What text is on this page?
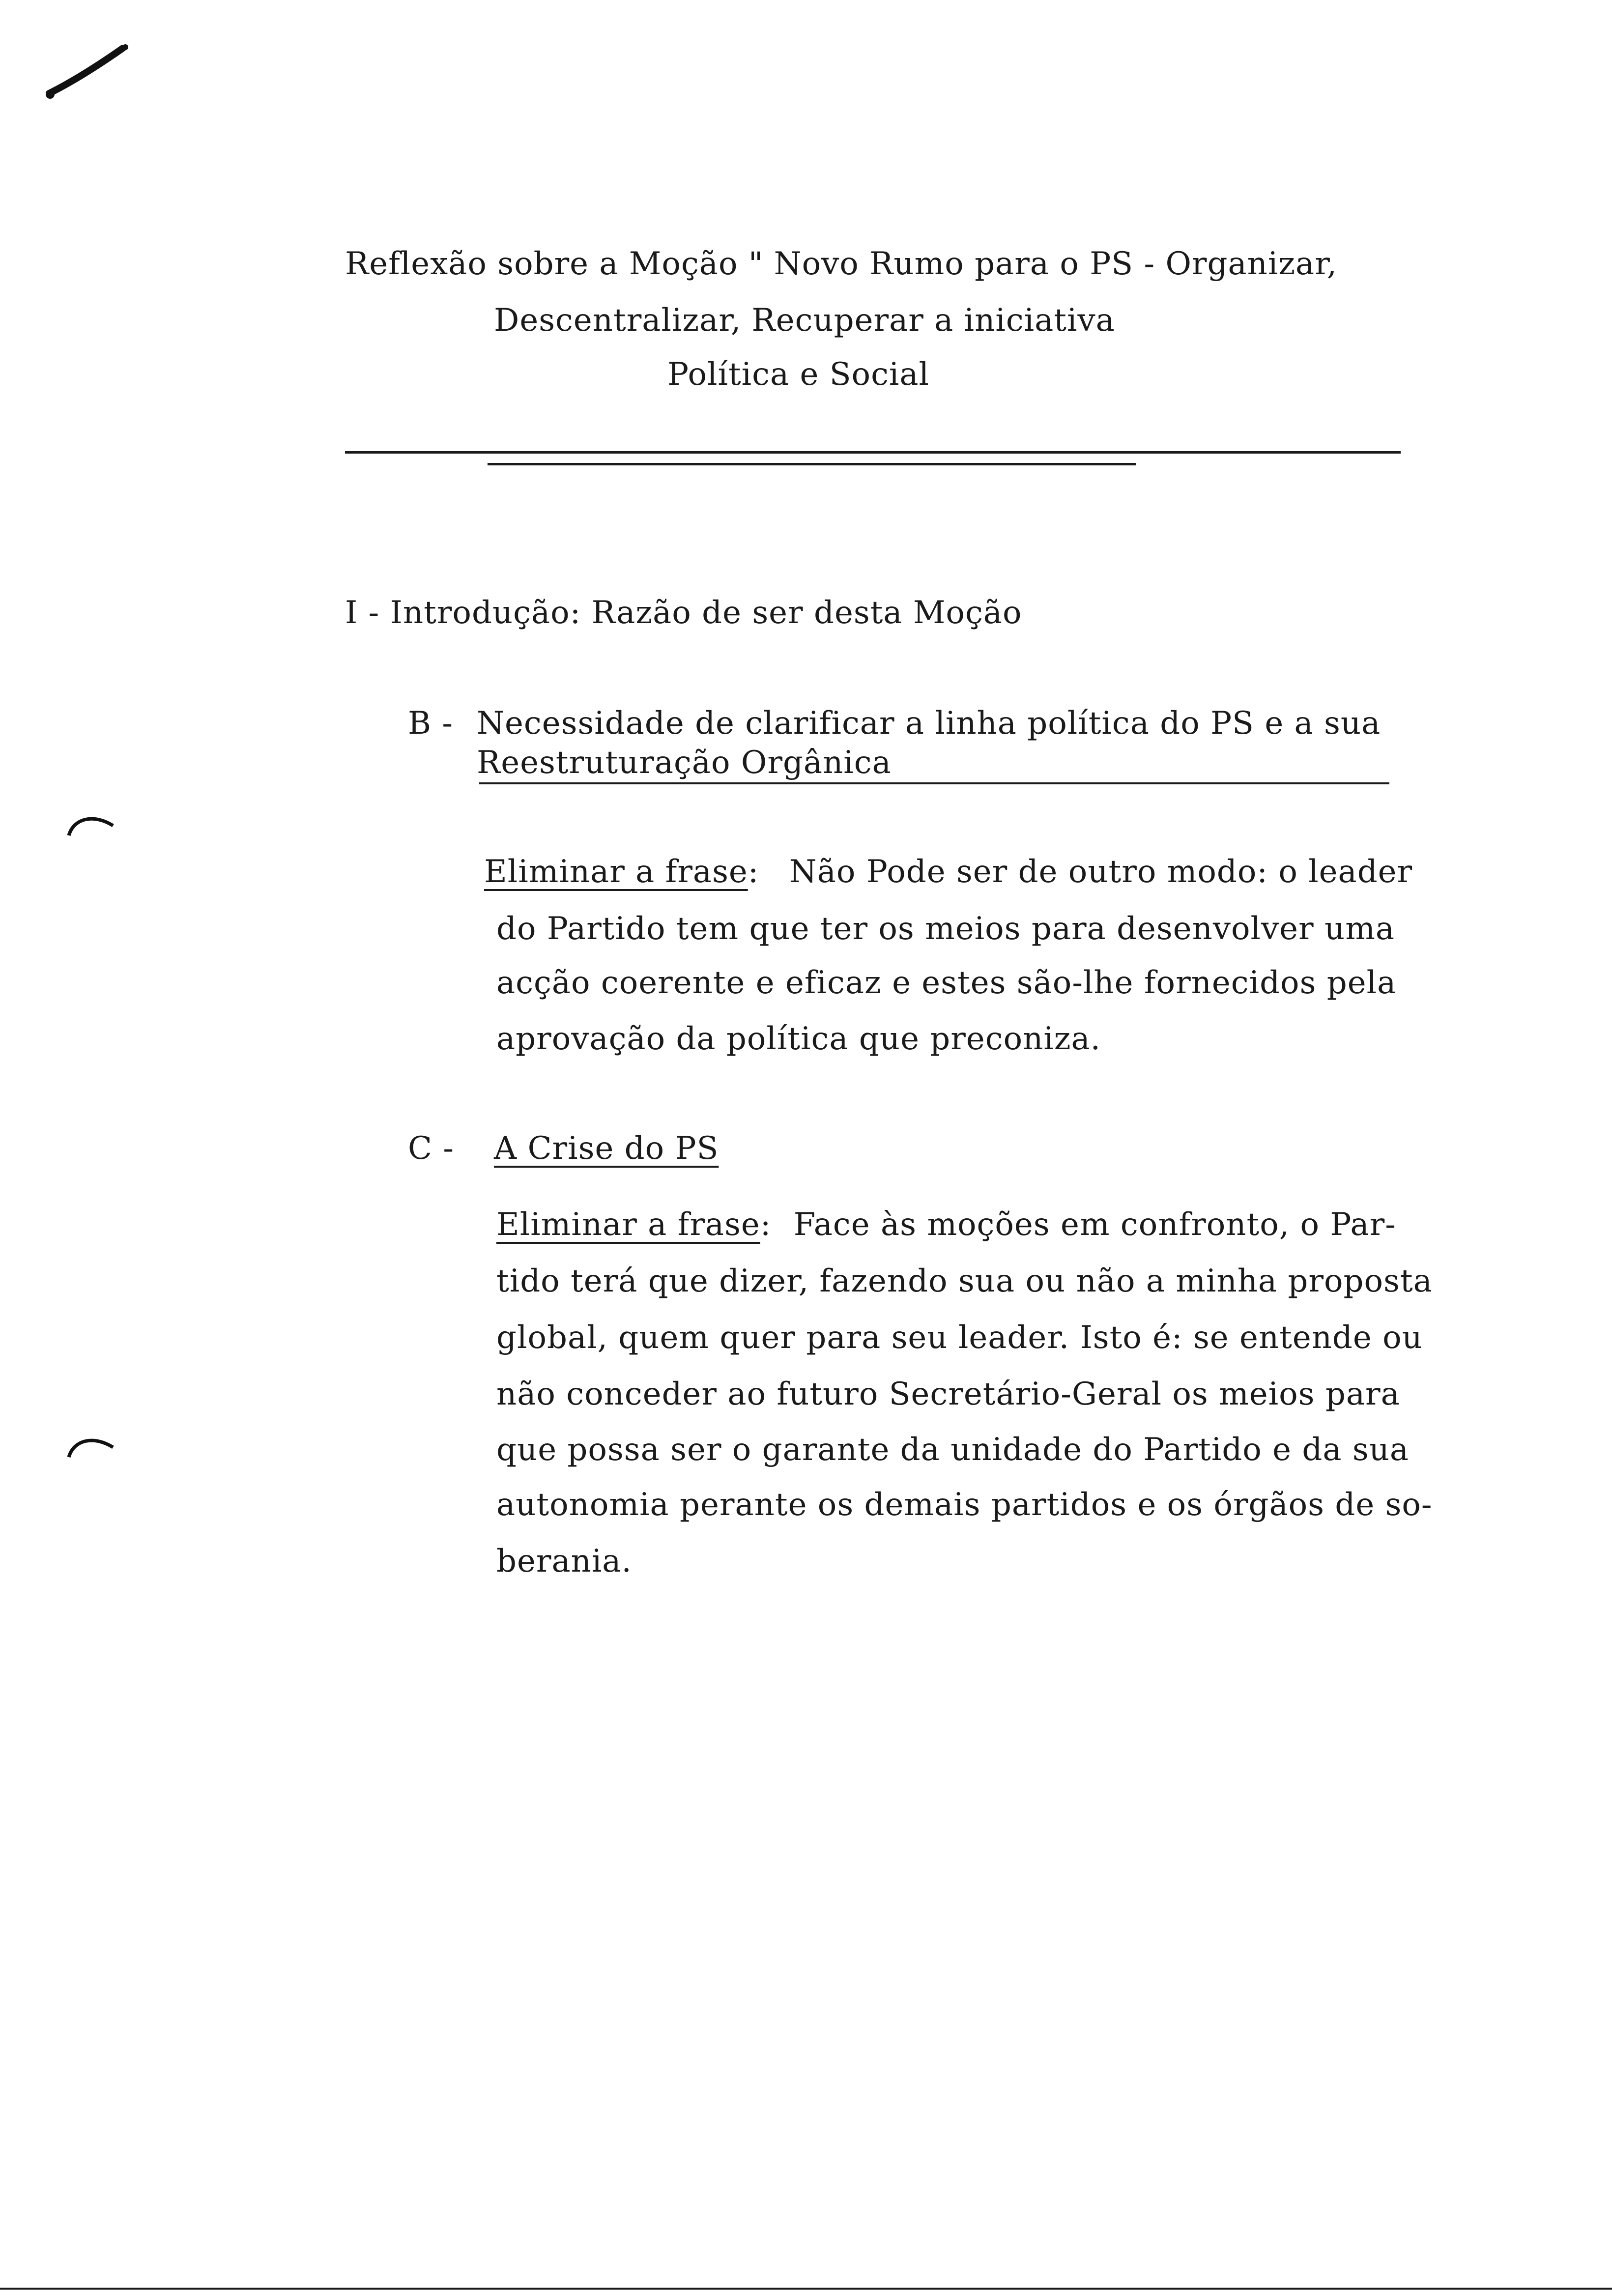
Reflexão sobre a Moção " Novo Rumo para o PS - Organizar,
Descentralizar, Recuperar a iniciativa
Política e Social
I - Introdução: Razão de ser desta Moção
B - Necessidade de clarificar a linha política do PS e a sua
Reestruturação Orgânica
Eliminar a frase: Não Pode ser de outro modo: o leader
do Partido tem que ter os meios para desenvolver uma
acção coerente e eficaz e estes são-lhe fornecidos pela
aprovação da política que preconiza.
C - A Crise do PS
Eliminar a frase: Face às moções em confronto, o Par-
tido terá que dizer, fazendo sua ou não a minha proposta
global, quem quer para seu leader. Isto é: se entende ou
não conceder ao futuro Secretário-Geral os meios para
que possa ser o garante da unidade do Partido e da sua
autonomia perante os demais partidos e os órgãos de so-
berania.
